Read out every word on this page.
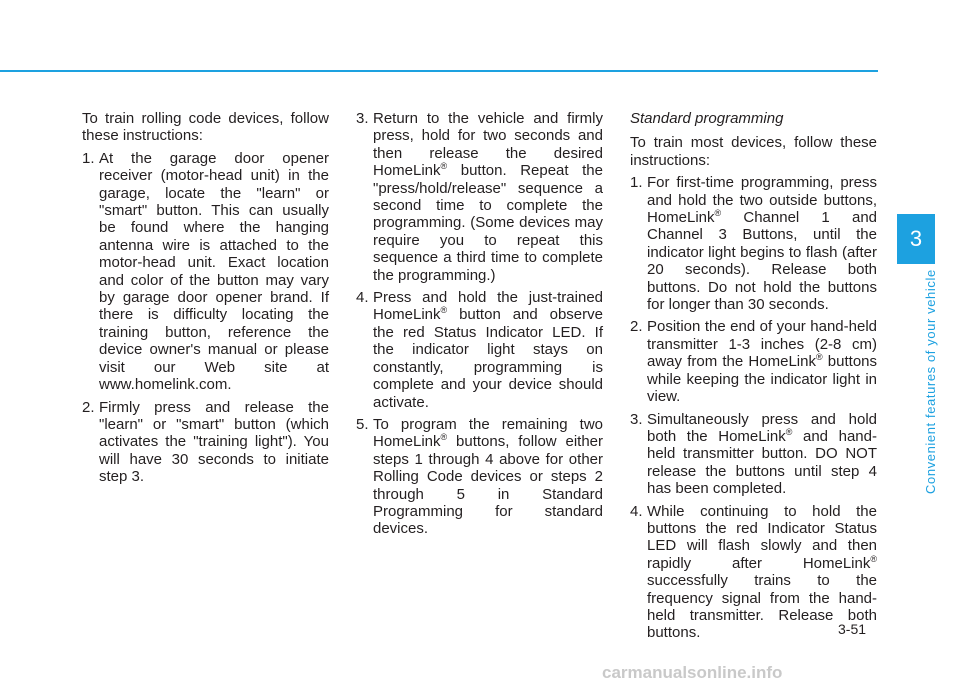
To train rolling code devices, follow these instructions:

1. At the garage door opener receiver (motor-head unit) in the garage, locate the "learn" or "smart" button. This can usually be found where the hanging antenna wire is attached to the motor-head unit. Exact location and color of the button may vary by garage door opener brand. If there is difficulty locating the training button, reference the device owner's manual or please visit our Web site at www.homelink.com.
2. Firmly press and release the "learn" or "smart" button (which activates the "training light"). You will have 30 seconds to initiate step 3.
3. Return to the vehicle and firmly press, hold for two seconds and then release the desired HomeLink® button. Repeat the "press/hold/release" sequence a second time to complete the programming. (Some devices may require you to repeat this sequence a third time to complete the programming.)
4. Press and hold the just-trained HomeLink® button and observe the red Status Indicator LED. If the indicator light stays on constantly, programming is complete and your device should activate.
5. To program the remaining two HomeLink® buttons, follow either steps 1 through 4 above for other Rolling Code devices or steps 2 through 5 in Standard Programming for standard devices.
Standard programming

To train most devices, follow these instructions:

1. For first-time programming, press and hold the two outside buttons, HomeLink® Channel 1 and Channel 3 Buttons, until the indicator light begins to flash (after 20 seconds). Release both buttons. Do not hold the buttons for longer than 30 seconds.
2. Position the end of your hand-held transmitter 1-3 inches (2-8 cm) away from the HomeLink® buttons while keeping the indicator light in view.
3. Simultaneously press and hold both the HomeLink® and hand-held transmitter button. DO NOT release the buttons until step 4 has been completed.
4. While continuing to hold the buttons the red Indicator Status LED will flash slowly and then rapidly after HomeLink® successfully trains to the frequency signal from the hand-held transmitter. Release both buttons.
3
Convenient features of your vehicle
3-51
carmanualsonline.info
